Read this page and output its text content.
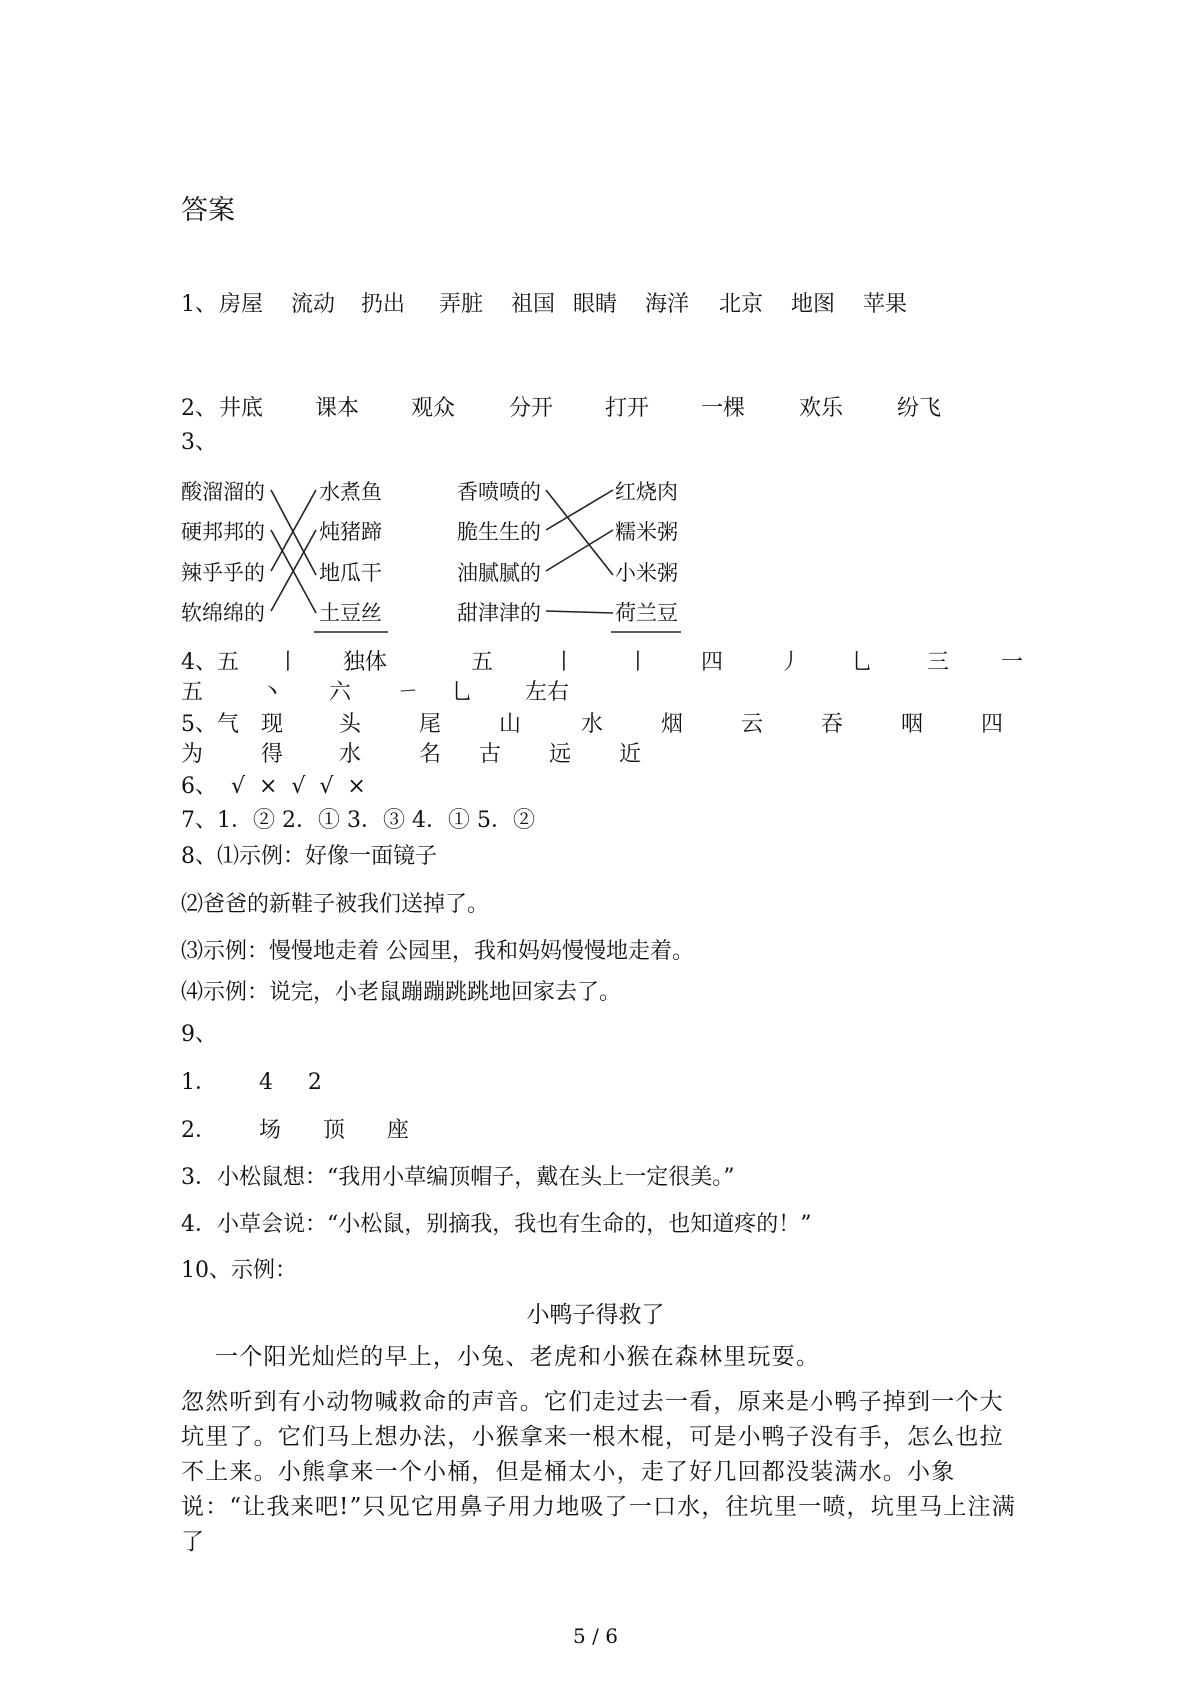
答案
1、 房屋 流动 扔出 弄脏 祖国 眼睛 海洋 北京 地图 苹果
2、 井底 课本 观众 分开 打开 一棵 欢乐 纷飞
3、
酸溜溜的
硬邦邦的
辣乎乎的
软绵绵的
水煮鱼
炖猪蹄
地瓜干
土豆丝
香喷喷的
脆生生的
油腻腻的
甜津津的
红烧肉
糯米粥
小米粥
荷兰豆
4、五 丨 独体	五	丨 丨 四	丿 乚 三 一
五	丶 六 ㄧ 乚 左右
5、气 现	头	尾	山	水	烟	云	吞	咽	四
为	得	水	名 古 远 近
6、  √  ×  √  √  ×
7、1．② 2．① 3．③ 4．① 5．②
8、⑴示例：好像一面镜子
⑵爸爸的新鞋子被我们送掉了。
⑶示例：慢慢地走着 公园里，我和妈妈慢慢地走着。
⑷示例：说完，小老鼠蹦蹦跳跳地回家去了。
9、
1．      4     2
2．      场      顶      座
3．小松鼠想：“我用小草编顶帽子，戴在头上一定很美。”
4．小草会说：“小松鼠，别摘我，我也有生命的，也知道疼的！”
10、示例：
小鸭子得救了
一个阳光灿烂的早上，小兔、老虎和小猴在森林里玩耍。
忽然听到有小动物喊救命的声音。它们走过去一看，原来是小鸭子掉到一个大坑里了。它们马上想办法，小猴拿来一根木棍，可是小鸭子没有手，怎么也拉不上来。小熊拿来一个小桶，但是桶太小，走了好几回都没装满水。小象说：“让我来吧!”只见它用鼻子用力地吸了一口水，往坑里一喷，坑里马上注满了
5 / 6
